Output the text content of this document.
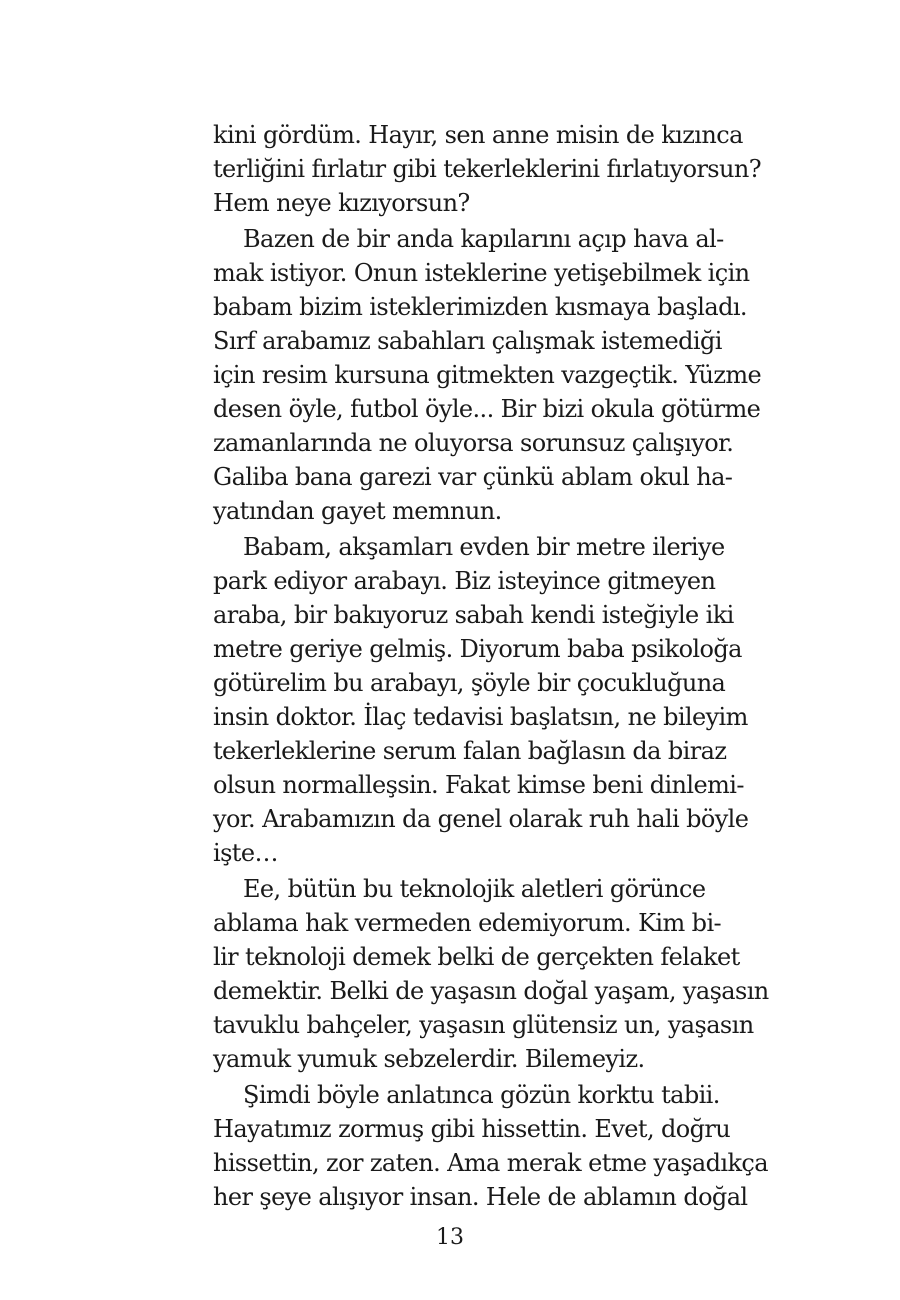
kini gördüm. Hayır, sen anne misin de kızınca
terliğini fırlatır gibi tekerleklerini fırlatıyorsun?
Hem neye kızıyorsun?
Bazen de bir anda kapılarını açıp hava al-
mak istiyor. Onun isteklerine yetişebilmek için
babam bizim isteklerimizden kısmaya başladı.
Sırf arabamız sabahları çalışmak istemediği
için resim kursuna gitmekten vazgeçtik. Yüzme
desen öyle, futbol öyle... Bir bizi okula götürme
zamanlarında ne oluyorsa sorunsuz çalışıyor.
Galiba bana garezi var çünkü ablam okul ha-
yatından gayet memnun.
Babam, akşamları evden bir metre ileriye
park ediyor arabayı. Biz isteyince gitmeyen
araba, bir bakıyoruz sabah kendi isteğiyle iki
metre geriye gelmiş. Diyorum baba psikoloğa
götürelim bu arabayı, şöyle bir çocukluğuna
insin doktor. İlaç tedavisi başlatsın, ne bileyim
tekerleklerine serum falan bağlasın da biraz
olsun normalleşsin. Fakat kimse beni dinlemi-
yor. Arabamızın da genel olarak ruh hali böyle
işte…
Ee, bütün bu teknolojik aletleri görünce
ablama hak vermeden edemiyorum. Kim bi-
lir teknoloji demek belki de gerçekten felaket
demektir. Belki de yaşasın doğal yaşam, yaşasın
tavuklu bahçeler, yaşasın glütensiz un, yaşasın
yamuk yumuk sebzelerdir. Bilemeyiz.
Şimdi böyle anlatınca gözün korktu tabii.
Hayatımız zormuş gibi hissettin. Evet, doğru
hissettin, zor zaten. Ama merak etme yaşadıkça
her şeye alışıyor insan. Hele de ablamın doğal
13
